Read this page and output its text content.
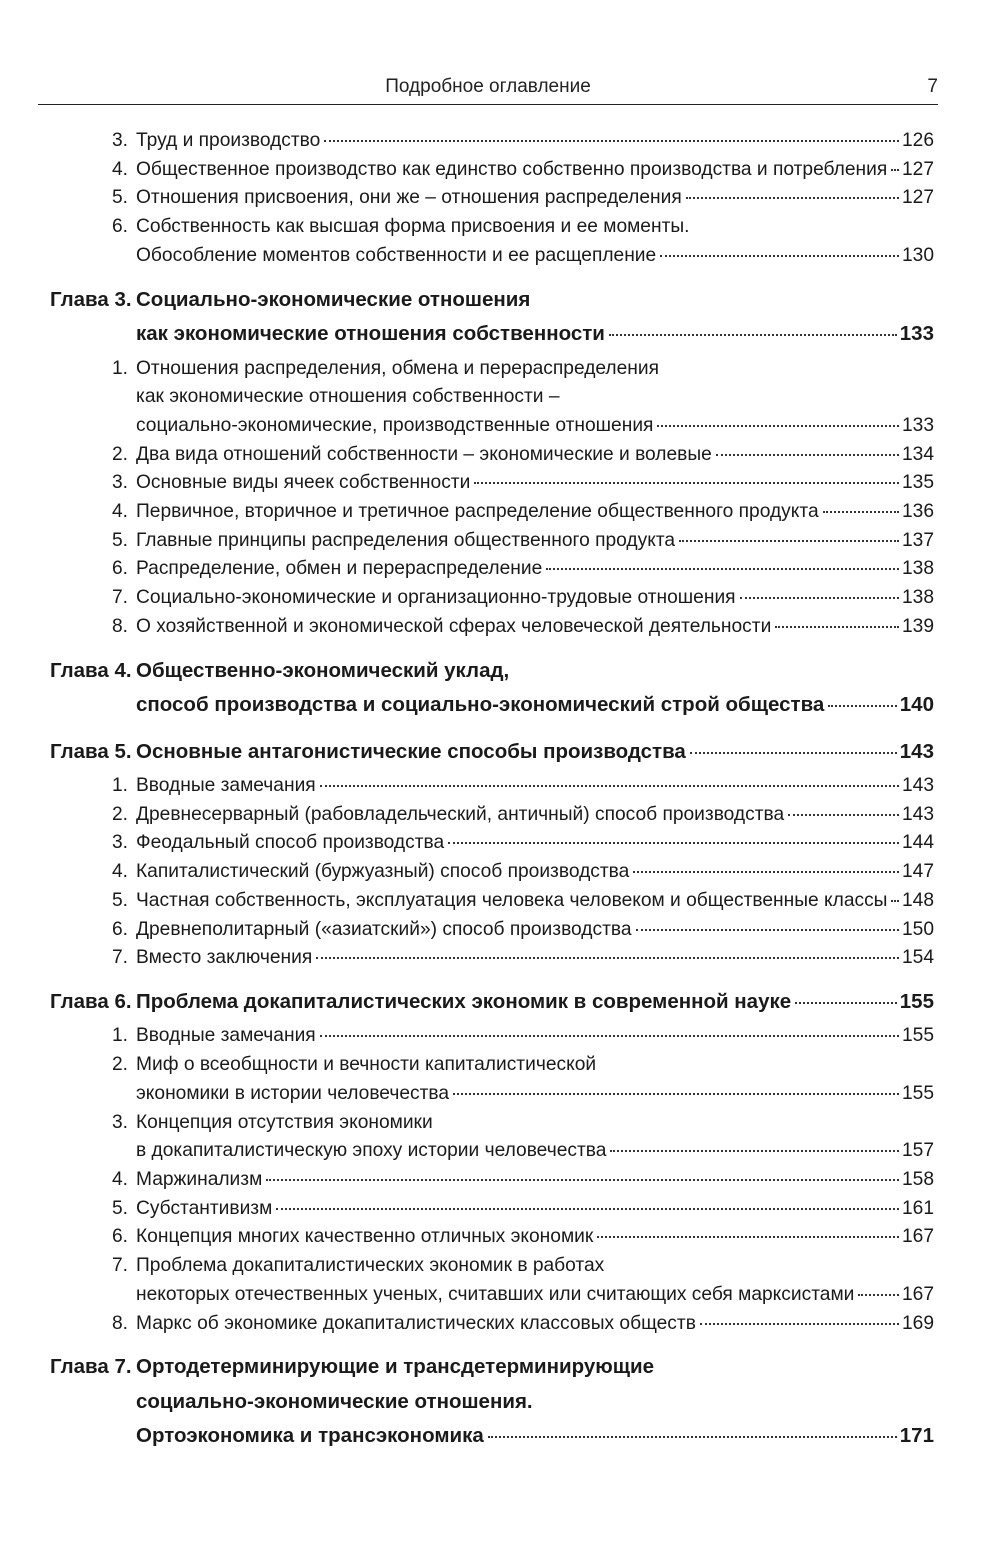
Подробное оглавление	7
3. Труд и производство	126
4. Общественное производство как единство собственно производства и потребления 127
5. Отношения присвоения, они же – отношения распределения	127
6. Собственность как высшая форма присвоения и ее моменты.
Обособление моментов собственности и ее расщепление	130
Глава 3. Социально-экономические отношения
как экономические отношения собственности	133
1. Отношения распределения, обмена и перераспределения
как экономические отношения собственности –
социально-экономические, производственные отношения	133
2. Два вида отношений собственности – экономические и волевые	134
3. Основные виды ячеек собственности	135
4. Первичное, вторичное и третичное распределение общественного продукта	136
5. Главные принципы распределения общественного продукта	137
6. Распределение, обмен и перераспределение	138
7. Социально-экономические и организационно-трудовые отношения	138
8. О хозяйственной и экономической сферах человеческой деятельности	139
Глава 4. Общественно-экономический уклад,
способ производства и социально-экономический строй общества	140
Глава 5. Основные антагонистические способы производства	143
1. Вводные замечания	143
2. Древнесерварный (рабовладельческий, античный) способ производства	143
3. Феодальный способ производства	144
4. Капиталистический (буржуазный) способ производства	147
5. Частная собственность, эксплуатация человека человеком и общественные классы 148
6. Древнеполитарный («азиатский») способ производства	150
7. Вместо заключения	154
Глава 6. Проблема докапиталистических экономик в современной науке	155
1. Вводные замечания	155
2. Миф о всеобщности и вечности капиталистической
экономики в истории человечества	155
3. Концепция отсутствия экономики
в докапиталистическую эпоху истории человечества	157
4. Маржинализм	158
5. Субстантивизм	161
6. Концепция многих качественно отличных экономик	167
7. Проблема докапиталистических экономик в работах
некоторых отечественных ученых, считавших или считающих себя марксистами 167
8. Маркс об экономике докапиталистических классовых обществ	169
Глава 7. Ортодетерминирующие и трансдетерминирующие
социально-экономические отношения.
Ортоэкономика и трансэкономика	171
